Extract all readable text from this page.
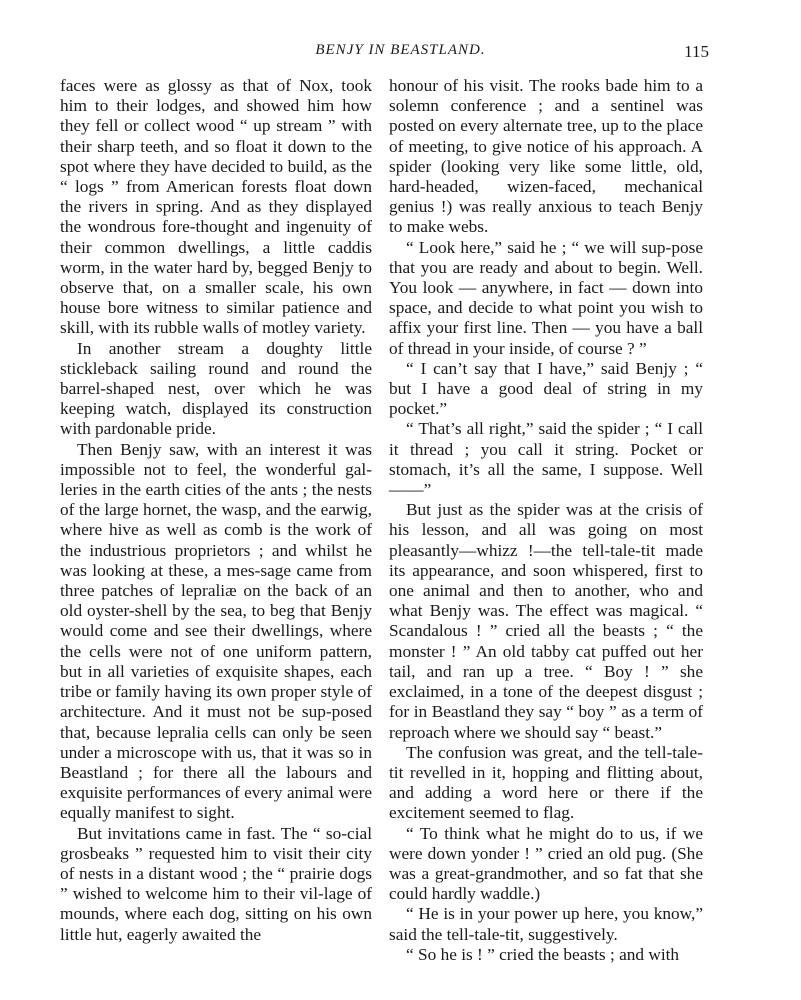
BENJY IN BEASTLAND.	115

faces were as glossy as that of Nox, took him to their lodges, and showed him how they fell or collect wood “ up stream ” with their sharp teeth, and so float it down to the spot where they have decided to build, as the “ logs ” from American forests float down the rivers in spring. And as they displayed the wondrous fore-thought and ingenuity of their common dwellings, a little caddis worm, in the water hard by, begged Benjy to observe that, on a smaller scale, his own house bore witness to similar patience and skill, with its rubble walls of motley variety.

In another stream a doughty little stickleback sailing round and round the barrel-shaped nest, over which he was keeping watch, displayed its construction with pardonable pride.

Then Benjy saw, with an interest it was impossible not to feel, the wonderful gal-leries in the earth cities of the ants ; the nests of the large hornet, the wasp, and the earwig, where hive as well as comb is the work of the industrious proprietors ; and whilst he was looking at these, a mes-sage came from three patches of lepraliæ on the back of an old oyster-shell by the sea, to beg that Benjy would come and see their dwellings, where the cells were not of one uniform pattern, but in all varieties of exquisite shapes, each tribe or family having its own proper style of architecture. And it must not be sup-posed that, because lepralia cells can only be seen under a microscope with us, that it was so in Beastland ; for there all the labours and exquisite performances of every animal were equally manifest to sight.

But invitations came in fast. The “ so-cial grosbeaks ” requested him to visit their city of nests in a distant wood ; the “ prairie dogs ” wished to welcome him to their vil-lage of mounds, where each dog, sitting on his own little hut, eagerly awaited the

honour of his visit. The rooks bade him to a solemn conference ; and a sentinel was posted on every alternate tree, up to the place of meeting, to give notice of his approach. A spider (looking very like some little, old, hard-headed, wizen-faced, mechanical genius !) was really anxious to teach Benjy to make webs.

“ Look here,” said he ; “ we will sup-pose that you are ready and about to begin. Well. You look — anywhere, in fact — down into space, and decide to what point you wish to affix your first line. Then — you have a ball of thread in your inside, of course ? ”

“ I can’t say that I have,” said Benjy ; “ but I have a good deal of string in my pocket.”

“ That’s all right,” said the spider ; “ I call it thread ; you call it string. Pocket or stomach, it’s all the same, I suppose. Well——”

But just as the spider was at the crisis of his lesson, and all was going on most pleasantly—whizz !—the tell-tale-tit made its appearance, and soon whispered, first to one animal and then to another, who and what Benjy was. The effect was magical. “ Scandalous ! ” cried all the beasts ; “ the monster ! ” An old tabby cat puffed out her tail, and ran up a tree. “ Boy ! ” she exclaimed, in a tone of the deepest disgust ; for in Beastland they say “ boy ” as a term of reproach where we should say “ beast.”

The confusion was great, and the tell-tale-tit revelled in it, hopping and flitting about, and adding a word here or there if the excitement seemed to flag.

“ To think what he might do to us, if we were down yonder ! ” cried an old pug. (She was a great-grandmother, and so fat that she could hardly waddle.)

“ He is in your power up here, you know,” said the tell-tale-tit, suggestively.

“ So he is ! ” cried the beasts ; and with
